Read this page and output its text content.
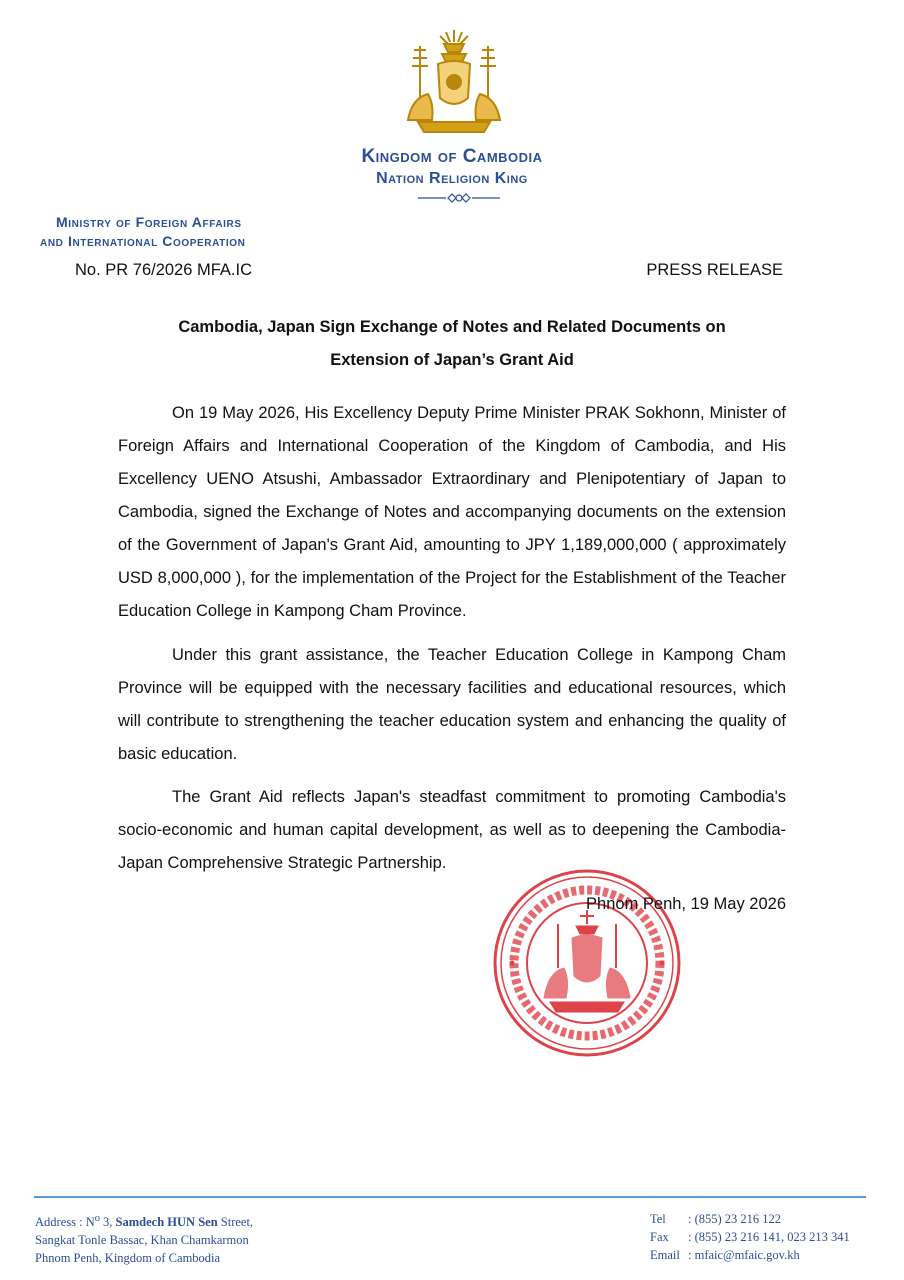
Kingdom of Cambodia
Nation Religion King
Ministry of Foreign Affairs
and International Cooperation
No. PR 76/2026 MFA.IC	PRESS RELEASE
Cambodia, Japan Sign Exchange of Notes and Related Documents on
Extension of Japan’s Grant Aid

On 19 May 2026, His Excellency Deputy Prime Minister PRAK Sokhonn, Minister of Foreign Affairs and International Cooperation of the Kingdom of Cambodia, and His Excellency UENO Atsushi, Ambassador Extraordinary and Plenipotentiary of Japan to Cambodia, signed the Exchange of Notes and accompanying documents on the extension of the Government of Japan's Grant Aid, amounting to JPY 1,189,000,000 ( approximately USD 8,000,000 ), for the implementation of the Project for the Establishment of the Teacher Education College in Kampong Cham Province.

Under this grant assistance, the Teacher Education College in Kampong Cham Province will be equipped with the necessary facilities and educational resources, which will contribute to strengthening the teacher education system and enhancing the quality of basic education.

The Grant Aid reflects Japan's steadfast commitment to promoting Cambodia's socio-economic and human capital development, as well as to deepening the Cambodia-Japan Comprehensive Strategic Partnership.

Phnom Penh, 19 May 2026
Address : $N^o$ 3, Samdech HUN Sen Street,
Sangkat Tonle Bassac, Khan Chamkarmon
Phnom Penh, Kingdom of Cambodia
Tel : (855) 23 216 122
Fax : (855) 23 216 141, 023 213 341
Email : mfaic@mfaic.gov.kh
